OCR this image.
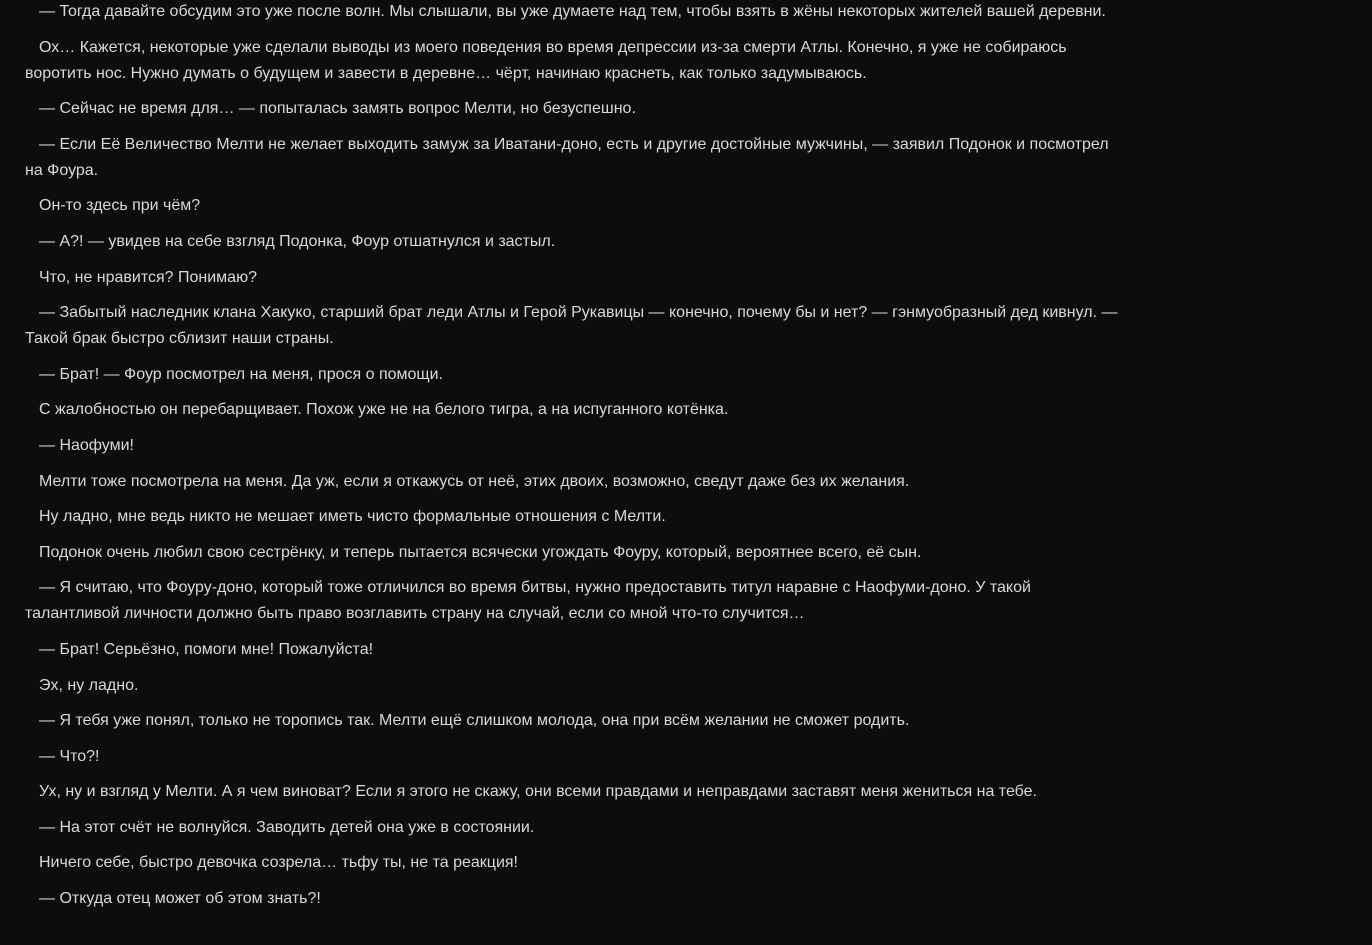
— Тогда давайте обсудим это уже после волн. Мы слышали, вы уже думаете над тем, чтобы взять в жёны некоторых жителей вашей деревни.

Ох… Кажется, некоторые уже сделали выводы из моего поведения во время депрессии из-за смерти Атлы. Конечно, я уже не собираюсь воротить нос. Нужно думать о будущем и завести в деревне… чёрт, начинаю краснеть, как только задумываюсь.

— Сейчас не время для… — попыталась замять вопрос Мелти, но безуспешно.

— Если Её Величество Мелти не желает выходить замуж за Иватани-доно, есть и другие достойные мужчины, — заявил Подонок и посмотрел на Фоура.

Он-то здесь при чём?

— А?! — увидев на себе взгляд Подонка, Фоур отшатнулся и застыл.

Что, не нравится? Понимаю?

— Забытый наследник клана Хакуко, старший брат леди Атлы и Герой Рукавицы — конечно, почему бы и нет? — гэнмуобразный дед кивнул. — Такой брак быстро сблизит наши страны.

— Брат! — Фоур посмотрел на меня, прося о помощи.

С жалобностью он перебарщивает. Похож уже не на белого тигра, а на испуганного котёнка.

— Наофуми!

Мелти тоже посмотрела на меня. Да уж, если я откажусь от неё, этих двоих, возможно, сведут даже без их желания.

Ну ладно, мне ведь никто не мешает иметь чисто формальные отношения с Мелти.

Подонок очень любил свою сестрёнку, и теперь пытается всячески угождать Фоуру, который, вероятнее всего, её сын.

— Я считаю, что Фоуру-доно, который тоже отличился во время битвы, нужно предоставить титул наравне с Наофуми-доно. У такой талантливой личности должно быть право возглавить страну на случай, если со мной что-то случится…

— Брат! Серьёзно, помоги мне! Пожалуйста!

Эх, ну ладно.

— Я тебя уже понял, только не торопись так. Мелти ещё слишком молода, она при всём желании не сможет родить.

— Что?!

Ух, ну и взгляд у Мелти. А я чем виноват? Если я этого не скажу, они всеми правдами и неправдами заставят меня жениться на тебе.

— На этот счёт не волнуйся. Заводить детей она уже в состоянии.

Ничего себе, быстро девочка созрела… тьфу ты, не та реакция!

— Откуда отец может об этом знать?!
